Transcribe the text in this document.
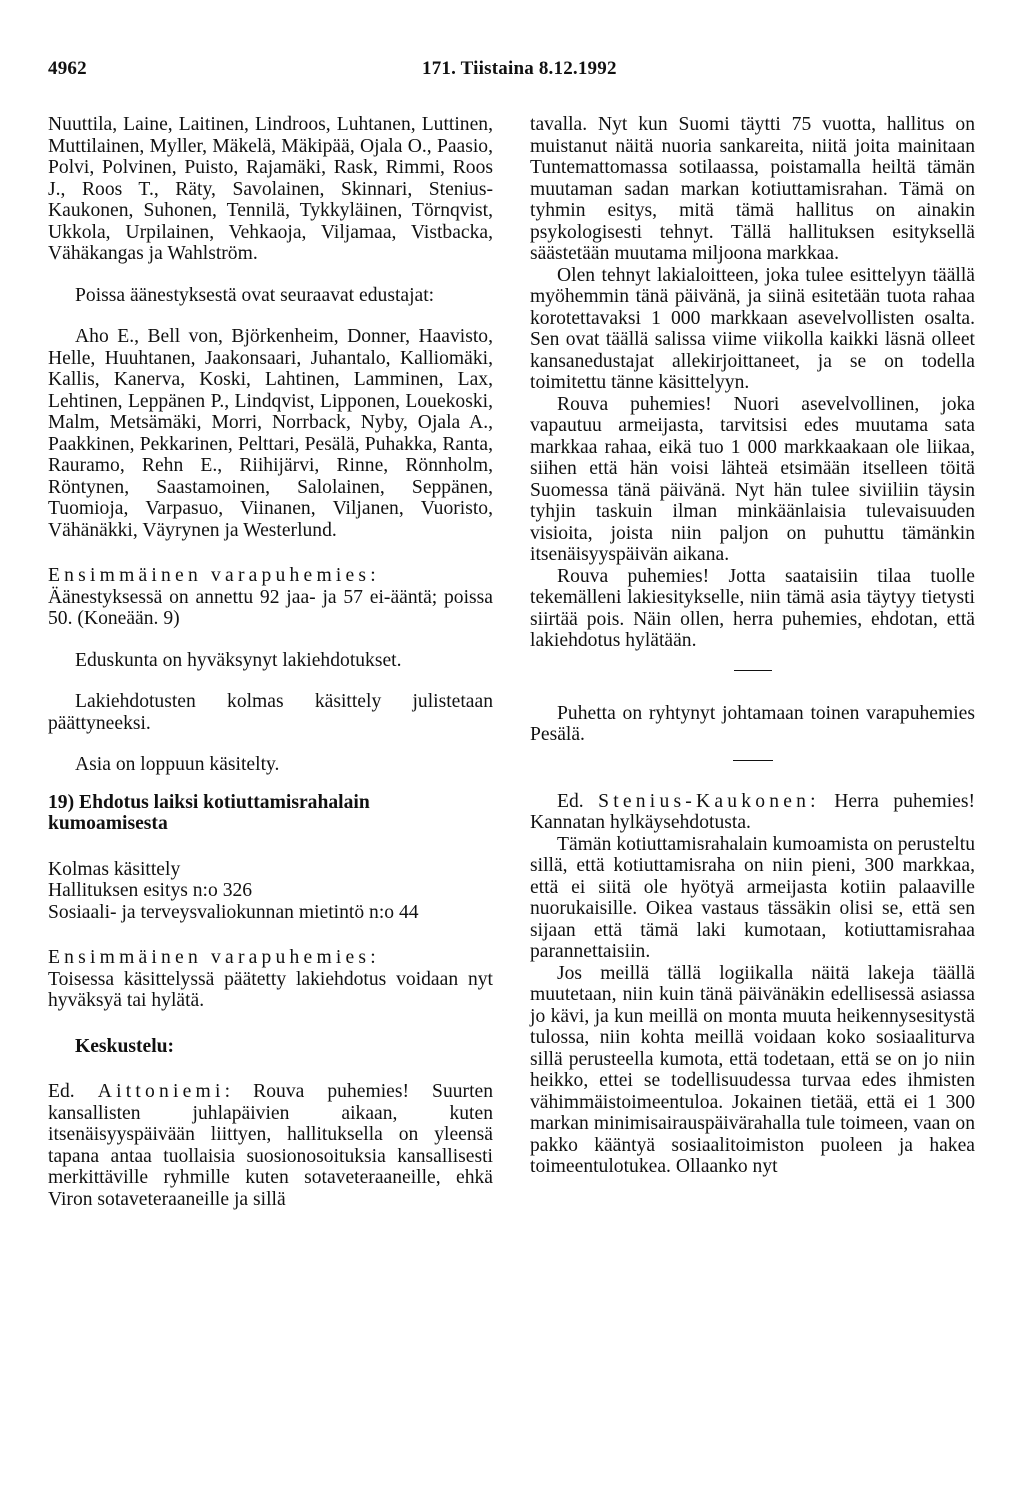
4962	171. Tiistaina 8.12.1992

Nuuttila, Laine, Laitinen, Lindroos, Luhtanen, Luttinen, Muttilainen, Myller, Mäkelä, Mäkipää, Ojala O., Paasio, Polvi, Polvinen, Puisto, Rajamäki, Rask, Rimmi, Roos J., Roos T., Räty, Savolainen, Skinnari, Stenius-Kaukonen, Suhonen, Tennilä, Tykkyläinen, Törnqvist, Ukkola, Urpilainen, Vehkaoja, Viljamaa, Vistbacka, Vähäkangas ja Wahlström.

Poissa äänestyksestä ovat seuraavat edustajat:

Aho E., Bell von, Björkenheim, Donner, Haavisto, Helle, Huuhtanen, Jaakonsaari, Juhantalo, Kalliomäki, Kallis, Kanerva, Koski, Lahtinen, Lamminen, Lax, Lehtinen, Leppänen P., Lindqvist, Lipponen, Louekoski, Malm, Metsämäki, Morri, Norrback, Nyby, Ojala A., Paakkinen, Pekkarinen, Pelttari, Pesälä, Puhakka, Ranta, Rauramo, Rehn E., Riihijärvi, Rinne, Rönnholm, Röntynen, Saastamoinen, Salolainen, Seppänen, Tuomioja, Varpasuo, Viinanen, Viljanen, Vuoristo, Vähänäkki, Väyrynen ja Westerlund.

Ensimmäinen varapuhemies:

Äänestyksessä on annettu 92 jaa- ja 57 ei-ääntä; poissa 50. (Koneään. 9)

Eduskunta on hyväksynyt lakiehdotukset.

Lakiehdotusten kolmas käsittely julistetaan päättyneeksi.

Asia on loppuun käsitelty.

19) Ehdotus laiksi kotiuttamisrahalain kumoamisesta

Kolmas käsittely

Hallituksen esitys n:o 326

Sosiaali- ja terveysvaliokunnan mietintö n:o 44

Ensimmäinen varapuhemies:

Toisessa käsittelyssä päätetty lakiehdotus voidaan nyt hyväksyä tai hylätä.

Keskustelu:

Ed. Aittoniemi: Rouva puhemies! Suurten kansallisten juhlapäivien aikaan, kuten itsenäisyyspäivään liittyen, hallituksella on yleensä tapana antaa tuollaisia suosionosoituksia kansallisesti merkittäville ryhmille kuten sotaveteraaneille, ehkä Viron sotaveteraaneille ja sillä

tavalla. Nyt kun Suomi täytti 75 vuotta, hallitus on muistanut näitä nuoria sankareita, niitä joita mainitaan Tuntemattomassa sotilaassa, poistamalla heiltä tämän muutaman sadan markan kotiuttamisrahan. Tämä on tyhmin esitys, mitä tämä hallitus on ainakin psykologisesti tehnyt. Tällä hallituksen esityksellä säästetään muutama miljoona markkaa.

Olen tehnyt lakialoitteen, joka tulee esittelyyn täällä myöhemmin tänä päivänä, ja siinä esitetään tuota rahaa korotettavaksi 1 000 markkaan asevelvollisten osalta. Sen ovat täällä salissa viime viikolla kaikki läsnä olleet kansanedustajat allekirjoittaneet, ja se on todella toimitettu tänne käsittelyyn.

Rouva puhemies! Nuori asevelvollinen, joka vapautuu armeijasta, tarvitsisi edes muutama sata markkaa rahaa, eikä tuo 1 000 markkaakaan ole liikaa, siihen että hän voisi lähteä etsimään itselleen töitä Suomessa tänä päivänä. Nyt hän tulee siviiliin täysin tyhjin taskuin ilman minkäänlaisia tulevaisuuden visioita, joista niin paljon on puhuttu tämänkin itsenäisyyspäivän aikana.

Rouva puhemies! Jotta saataisiin tilaa tuolle tekemälleni lakiesitykselle, niin tämä asia täytyy tietysti siirtää pois. Näin ollen, herra puhemies, ehdotan, että lakiehdotus hylätään.

Puhetta on ryhtynyt johtamaan toinen varapuhemies Pesälä.

Ed. Stenius-Kaukonen: Herra puhemies! Kannatan hylkäysehdotusta.

Tämän kotiuttamisrahalain kumoamista on perusteltu sillä, että kotiuttamisraha on niin pieni, 300 markkaa, että ei siitä ole hyötyä armeijasta kotiin palaaville nuorukaisille. Oikea vastaus tässäkin olisi se, että sen sijaan että tämä laki kumotaan, kotiuttamisrahaa parannettaisiin.

Jos meillä tällä logiikalla näitä lakeja täällä muutetaan, niin kuin tänä päivänäkin edellisessä asiassa jo kävi, ja kun meillä on monta muuta heikennysesitystä tulossa, niin kohta meillä voidaan koko sosiaaliturva sillä perusteella kumota, että todetaan, että se on jo niin heikko, ettei se todellisuudessa turvaa edes ihmisten vähimmäistoimeentuloa. Jokainen tietää, että ei 1 300 markan minimisairauspäivärahalla tule toimeen, vaan on pakko kääntyä sosiaalitoimiston puoleen ja hakea toimeentulotukea. Ollaanko nyt
